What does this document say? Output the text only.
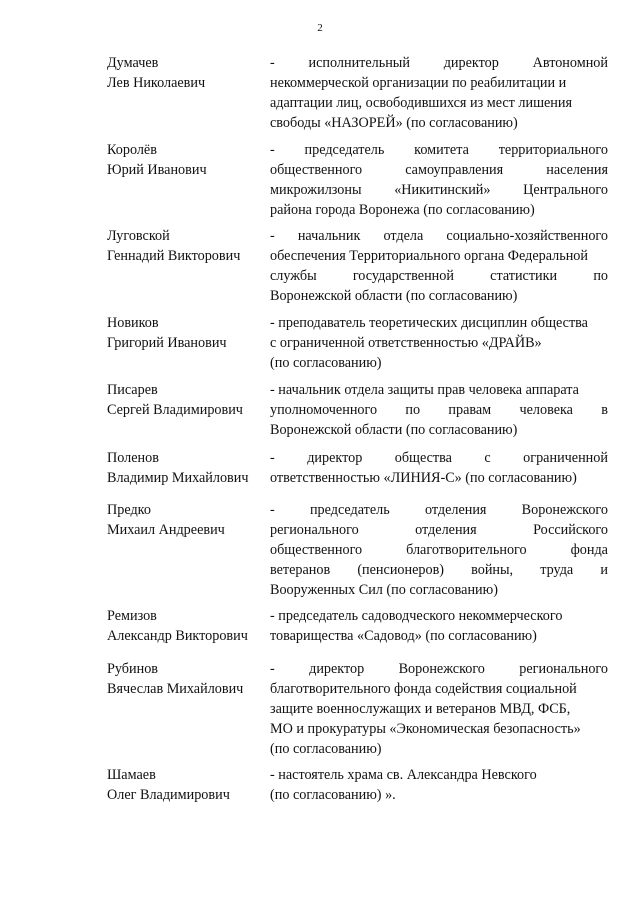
2
Думачев
Лев Николаевич
- исполнительный директор Автономной
некоммерческой организации по реабилитации и
адаптации лиц, освободившихся из мест лишения
свободы «НАЗОРЕЙ» (по согласованию)
Королёв
Юрий Иванович
- председатель комитета территориального
общественного	самоуправления	населения
микрожилзоны «Никитинский» Центрального
района города Воронежа (по согласованию)
Луговской
Геннадий Викторович
- начальник отдела социально-хозяйственного
обеспечения Территориального органа Федеральной
службы	государственной	статистики	по
Воронежской области (по согласованию)
Новиков
Григорий Иванович
- преподаватель теоретических дисциплин общества
с ограниченной ответственностью «ДРАЙВ»
(по согласованию)
Писарев
Сергей Владимирович
- начальник отдела защиты прав человека аппарата
уполномоченного по правам человека в
Воронежской области (по согласованию)
Поленов
Владимир Михайлович
- директор общества с ограниченной
ответственностью «ЛИНИЯ-С» (по согласованию)
Предко
Михаил Андреевич
- председатель отделения Воронежского
регионального	отделения	Российского
общественного	благотворительного	фонда
ветеранов (пенсионеров) войны, труда и
Вооруженных Сил (по согласованию)
Ремизов
Александр Викторович
- председатель садоводческого некоммерческого
товарищества «Садовод» (по согласованию)
Рубинов
Вячеслав Михайлович
- директор Воронежского регионального
благотворительного фонда содействия социальной
защите военнослужащих и ветеранов МВД, ФСБ,
МО и прокуратуры «Экономическая безопасность»
(по согласованию)
Шамаев
Олег Владимирович
- настоятель храма св. Александра Невского
(по согласованию) ».
